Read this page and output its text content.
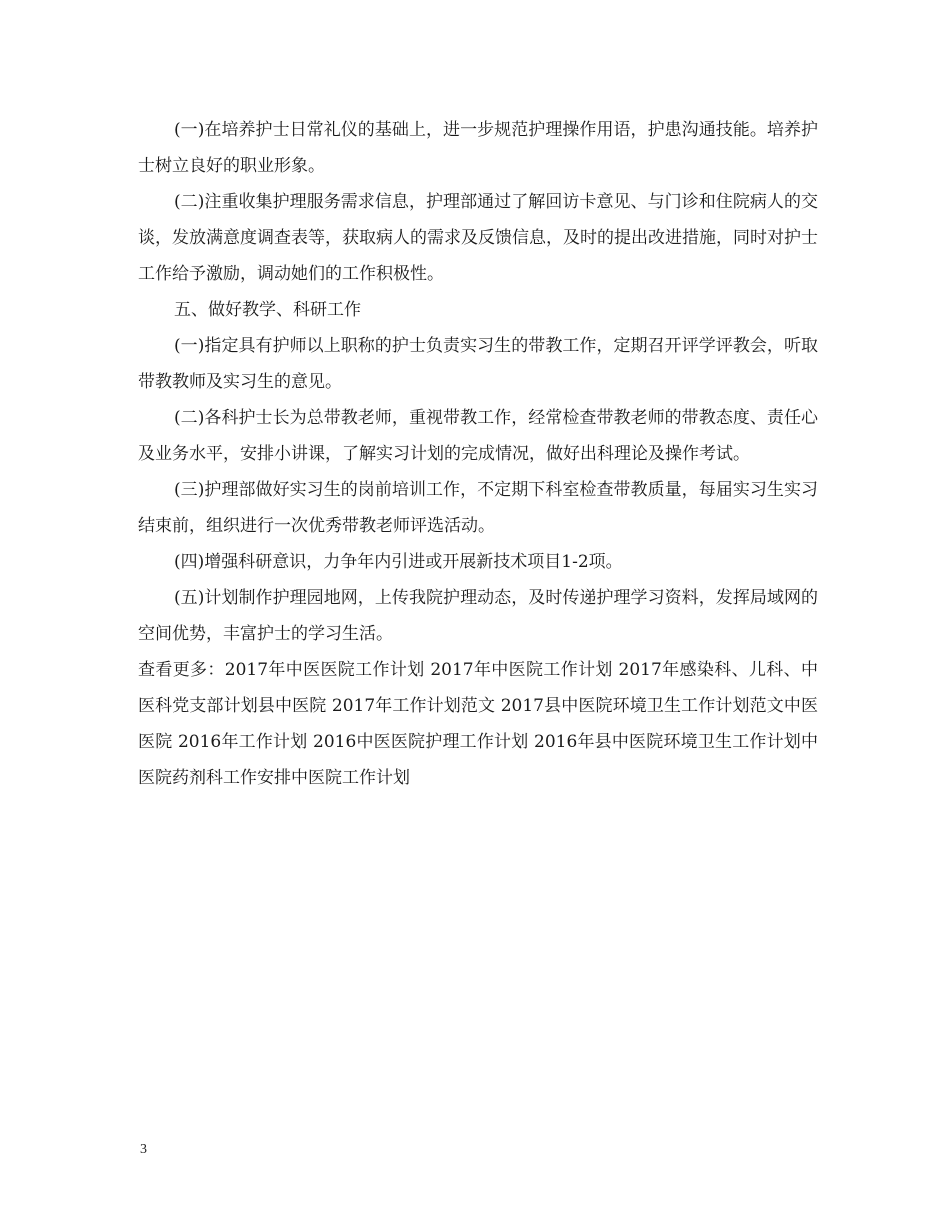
(一)在培养护士日常礼仪的基础上，进一步规范护理操作用语，护患沟通技能。培养护士树立良好的职业形象。

(二)注重收集护理服务需求信息，护理部通过了解回访卡意见、与门诊和住院病人的交谈，发放满意度调查表等，获取病人的需求及反馈信息，及时的提出改进措施，同时对护士工作给予激励，调动她们的工作积极性。

五、做好教学、科研工作

(一)指定具有护师以上职称的护士负责实习生的带教工作，定期召开评学评教会，听取带教教师及实习生的意见。

(二)各科护士长为总带教老师，重视带教工作，经常检查带教老师的带教态度、责任心及业务水平，安排小讲课，了解实习计划的完成情况，做好出科理论及操作考试。

(三)护理部做好实习生的岗前培训工作，不定期下科室检查带教质量，每届实习生实习结束前，组织进行一次优秀带教老师评选活动。

(四)增强科研意识，力争年内引进或开展新技术项目1-2项。

(五)计划制作护理园地网，上传我院护理动态，及时传递护理学习资料，发挥局域网的空间优势，丰富护士的学习生活。

查看更多：2017年中医医院工作计划 2017年中医院工作计划 2017年感染科、儿科、中医科党支部计划县中医院 2017年工作计划范文 2017县中医院环境卫生工作计划范文中医医院 2016年工作计划 2016中医医院护理工作计划 2016年县中医院环境卫生工作计划中医院药剂科工作安排中医院工作计划

3
